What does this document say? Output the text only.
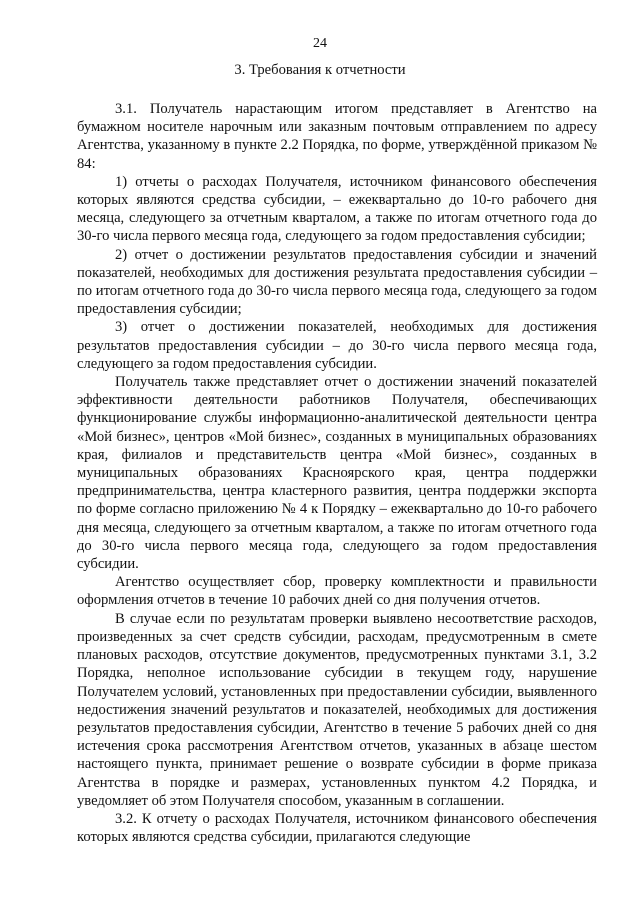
24
3. Требования к отчетности

3.1. Получатель нарастающим итогом представляет в Агентство на бумажном носителе нарочным или заказным почтовым отправлением по адресу Агентства, указанному в пункте 2.2 Порядка, по форме, утверждённой приказом № 84:

1) отчеты о расходах Получателя, источником финансового обеспечения которых являются средства субсидии, – ежеквартально до 10-го рабочего дня месяца, следующего за отчетным кварталом, а также по итогам отчетного года до 30-го числа первого месяца года, следующего за годом предоставления субсидии;

2) отчет о достижении результатов предоставления субсидии и значений показателей, необходимых для достижения результата предоставления субсидии – по итогам отчетного года до 30-го числа первого месяца года, следующего за годом предоставления субсидии;

3) отчет о достижении показателей, необходимых для достижения результатов предоставления субсидии – до 30-го числа первого месяца года, следующего за годом предоставления субсидии.

Получатель также представляет отчет о достижении значений показателей эффективности деятельности работников Получателя, обеспечивающих функционирование службы информационно-аналитической деятельности центра «Мой бизнес», центров «Мой бизнес», созданных в муниципальных образованиях края, филиалов и представительств центра «Мой бизнес», созданных в муниципальных образованиях Красноярского края, центра поддержки предпринимательства, центра кластерного развития, центра поддержки экспорта по форме согласно приложению № 4 к Порядку – ежеквартально до 10-го рабочего дня месяца, следующего за отчетным кварталом, а также по итогам отчетного года до 30-го числа первого месяца года, следующего за годом предоставления субсидии.

Агентство осуществляет сбор, проверку комплектности и правильности оформления отчетов в течение 10 рабочих дней со дня получения отчетов.

В случае если по результатам проверки выявлено несоответствие расходов, произведенных за счет средств субсидии, расходам, предусмотренным в смете плановых расходов, отсутствие документов, предусмотренных пунктами 3.1, 3.2 Порядка, неполное использование субсидии в текущем году, нарушение Получателем условий, установленных при предоставлении субсидии, выявленного недостижения значений результатов и показателей, необходимых для достижения результатов предоставления субсидии, Агентство в течение 5 рабочих дней со дня истечения срока рассмотрения Агентством отчетов, указанных в абзаце шестом настоящего пункта, принимает решение о возврате субсидии в форме приказа Агентства в порядке и размерах, установленных пунктом 4.2 Порядка, и уведомляет об этом Получателя способом, указанным в соглашении.

3.2. К отчету о расходах Получателя, источником финансового обеспечения которых являются средства субсидии, прилагаются следующие
